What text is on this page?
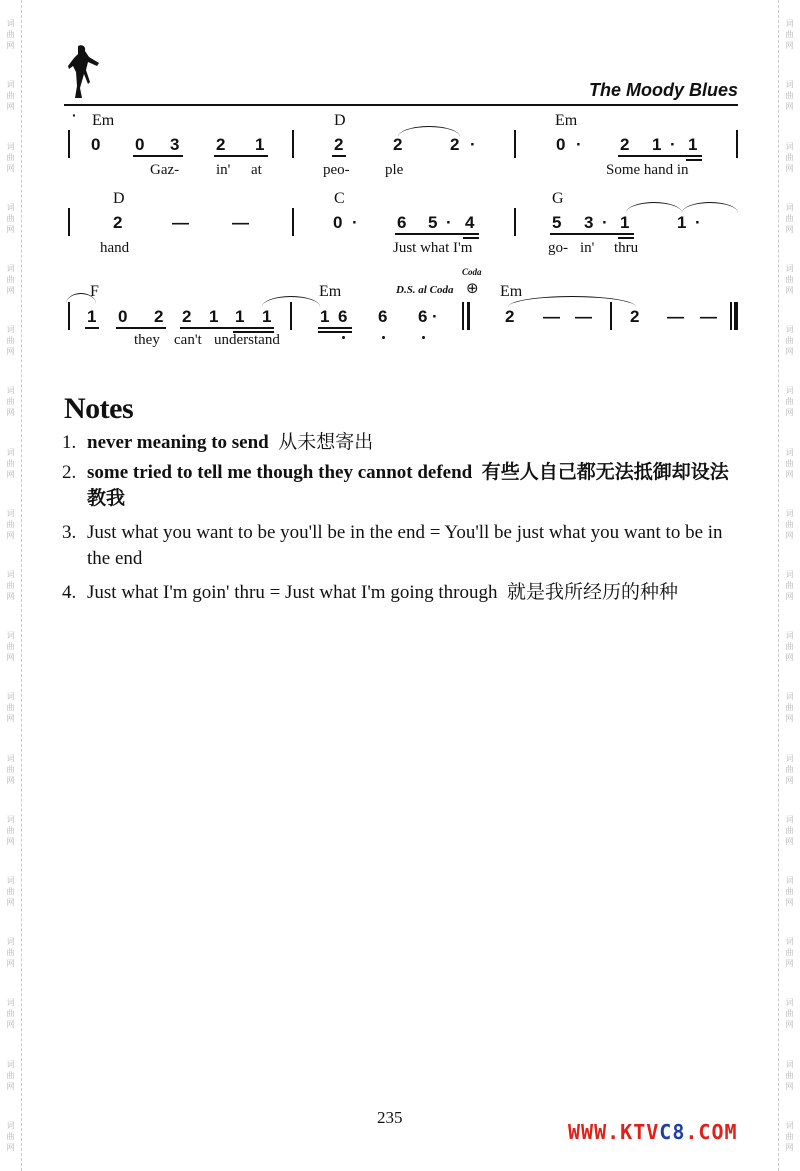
词
曲
网
词
曲
网
词
曲
网
词
曲
网
词
曲
网
词
曲
网
词
曲
网
词
曲
网
词
曲
网
词
曲
网
词
曲
网
词
曲
网
词
曲
网
词
曲
网
词
曲
网
词
曲
网
词
曲
网
词
曲
网
词
曲
网
词
曲
网
词
曲
网
词
曲
网
词
曲
网
词
曲
网
词
曲
网
词
曲
网
词
曲
网
词
曲
网
词
曲
网
词
曲
网
词
曲
网
词
曲
网
词
曲
网
词
曲
网
词
曲
网
词
曲
网
词
曲
网
词
曲
网
The Moody Blues
· Em	D	Em
0 0 3 2 1	2	2	2 ·	0 · 2 1 · 1
Gaz- in' at	peo- ple	Some hand in
D	C	G
2	—	—	0 · 6 5 · 4	5 3 · 1	1 ·
hand	Just what I'm	go- in' thru
F	Em	Em
D.S. al Coda
Coda
⊕
1 0 2 2 1 1 1	1 6 6 6 ·	2 — — 2 — —
they can't understand
Notes
1. never meaning to send 从未想寄出
2. some tried to tell me though they cannot defend 有些人自己都无法抵御却设法教我
3. Just what you want to be you'll be in the end = You'll be just what you want to be in the end
4. Just what I'm goin' thru = Just what I'm going through 就是我所经历的种种
235
WWW.KTVC8.COM
